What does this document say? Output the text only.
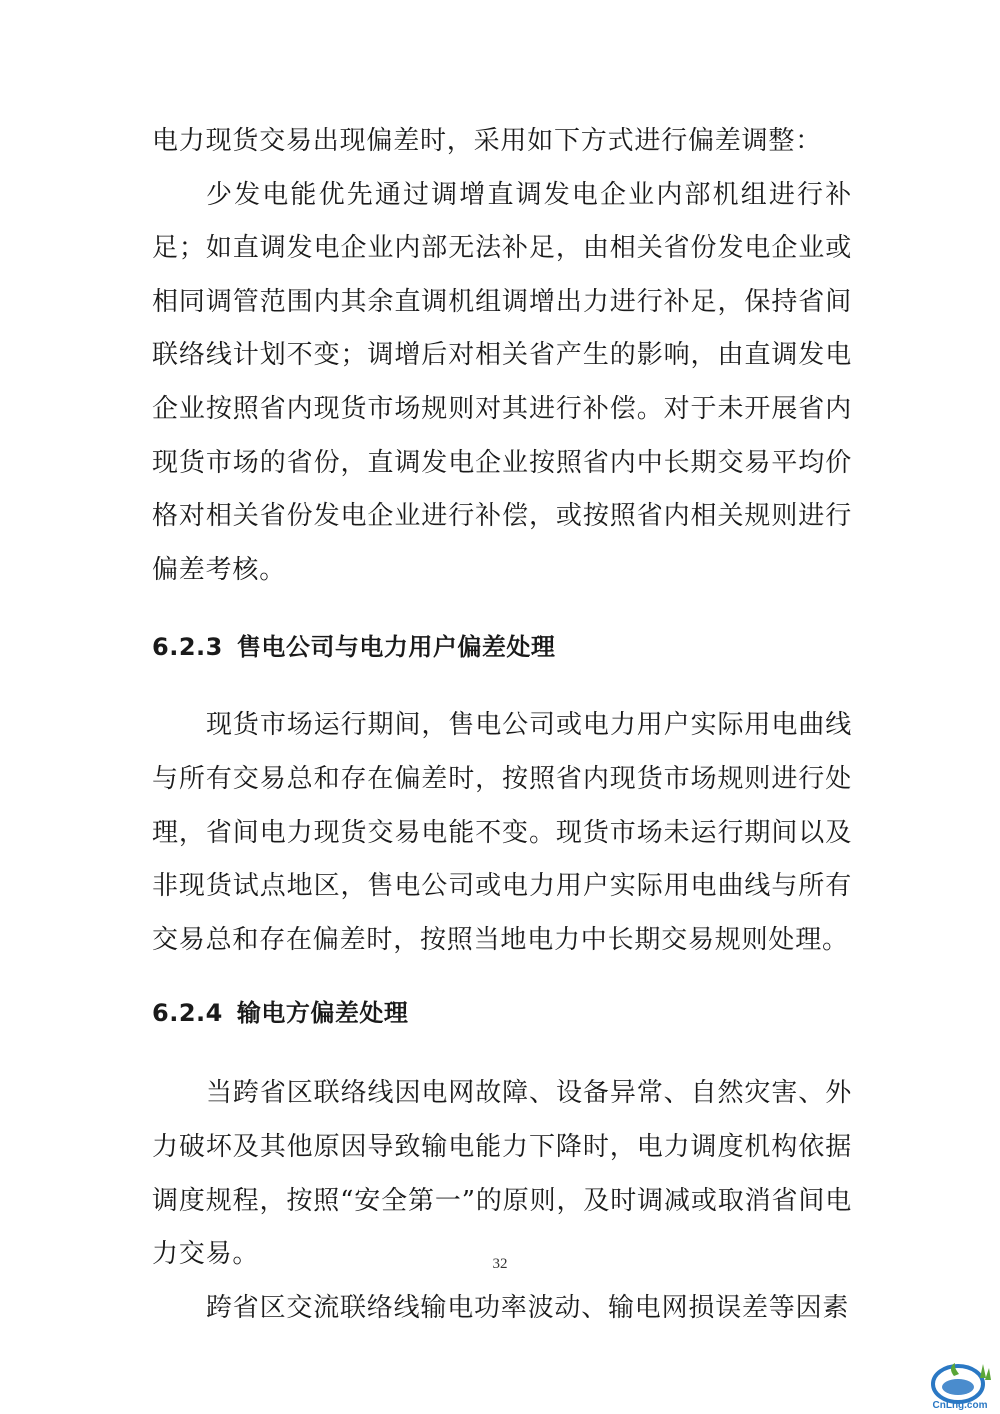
电力现货交易出现偏差时，采用如下方式进行偏差调整：

少发电能优先通过调增直调发电企业内部机组进行补足；如直调发电企业内部无法补足，由相关省份发电企业或相同调管范围内其余直调机组调增出力进行补足，保持省间联络线计划不变；调增后对相关省产生的影响，由直调发电企业按照省内现货市场规则对其进行补偿。对于未开展省内现货市场的省份，直调发电企业按照省内中长期交易平均价格对相关省份发电企业进行补偿，或按照省内相关规则进行偏差考核。

6.2.3 售电公司与电力用户偏差处理

现货市场运行期间，售电公司或电力用户实际用电曲线与所有交易总和存在偏差时，按照省内现货市场规则进行处理，省间电力现货交易电能不变。现货市场未运行期间以及非现货试点地区，售电公司或电力用户实际用电曲线与所有交易总和存在偏差时，按照当地电力中长期交易规则处理。

6.2.4 输电方偏差处理

当跨省区联络线因电网故障、设备异常、自然灾害、外力破坏及其他原因导致输电能力下降时，电力调度机构依据调度规程，按照“安全第一”的原则，及时调减或取消省间电力交易。

跨省区交流联络线输电功率波动、输电网损误差等因素

32
CnLng.com
